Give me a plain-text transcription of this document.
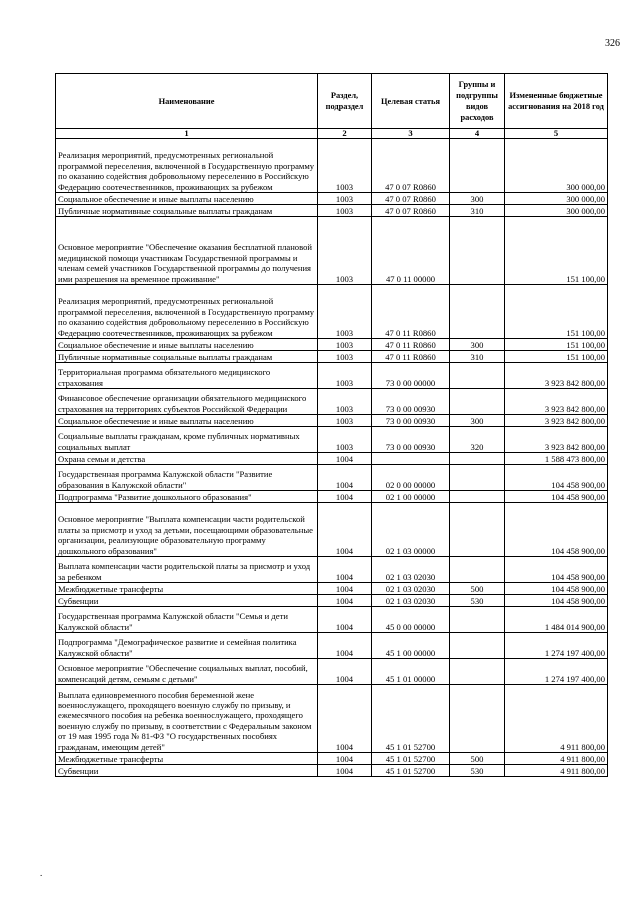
326
Наименование	Раздел, подраздел	Целевая статья	Группы и подгруппы видов расходов	Измененные бюджетные ассигнования на 2018 год
1	2	3	4	5
Реализация мероприятий, предусмотренных региональной программой переселения, включенной в Государственную программу по оказанию содействия добровольному переселению в Российскую Федерацию соотечественников, проживающих за рубежом	1003	47 0 07 R0860		300 000,00
Социальное обеспечение и иные выплаты населению	1003	47 0 07 R0860	300	300 000,00
Публичные нормативные социальные выплаты гражданам	1003	47 0 07 R0860	310	300 000,00
Основное мероприятие "Обеспечение оказания бесплатной плановой медицинской помощи участникам Государственной программы и членам семей участников Государственной программы до получения ими разрешения на временное проживание"	1003	47 0 11 00000		151 100,00
Реализация мероприятий, предусмотренных региональной программой переселения, включенной в Государственную программу по оказанию содействия добровольному переселению в Российскую Федерацию соотечественников, проживающих за рубежом	1003	47 0 11 R0860		151 100,00
Социальное обеспечение и иные выплаты населению	1003	47 0 11 R0860	300	151 100,00
Публичные нормативные социальные выплаты гражданам	1003	47 0 11 R0860	310	151 100,00
Территориальная программа обязательного медицинского страхования	1003	73 0 00 00000		3 923 842 800,00
Финансовое обеспечение организации обязательного медицинского страхования на территориях субъектов Российской Федерации	1003	73 0 00 00930		3 923 842 800,00
Социальное обеспечение и иные выплаты населению	1003	73 0 00 00930	300	3 923 842 800,00
Социальные выплаты гражданам, кроме публичных нормативных социальных выплат	1003	73 0 00 00930	320	3 923 842 800,00
Охрана семьи и детства	1004			1 588 473 800,00
Государственная программа Калужской области "Развитие образования в Калужской области"	1004	02 0 00 00000		104 458 900,00
Подпрограмма "Развитие дошкольного образования"	1004	02 1 00 00000		104 458 900,00
Основное мероприятие "Выплата компенсации части родительской платы за присмотр и уход за детьми, посещающими образовательные организации, реализующие образовательную программу дошкольного образования"	1004	02 1 03 00000		104 458 900,00
Выплата компенсации части родительской платы за присмотр и уход за ребенком	1004	02 1 03 02030		104 458 900,00
Межбюджетные трансферты	1004	02 1 03 02030	500	104 458 900,00
Субвенции	1004	02 1 03 02030	530	104 458 900,00
Государственная программа Калужской области "Семья и дети Калужской области"	1004	45 0 00 00000		1 484 014 900,00
Подпрограмма "Демографическое развитие и семейная политика Калужской области"	1004	45 1 00 00000		1 274 197 400,00
Основное мероприятие "Обеспечение социальных выплат, пособий, компенсаций детям, семьям с детьми"	1004	45 1 01 00000		1 274 197 400,00
Выплата единовременного пособия беременной жене военнослужащего, проходящего военную службу по призыву, и ежемесячного пособия на ребенка военнослужащего, проходящего военную службу по призыву, в соответствии с Федеральным законом от 19 мая 1995 года № 81-ФЗ "О государственных пособиях гражданам, имеющим детей"	1004	45 1 01 52700		4 911 800,00
Межбюджетные трансферты	1004	45 1 01 52700	500	4 911 800,00
Субвенции	1004	45 1 01 52700	530	4 911 800,00
.
